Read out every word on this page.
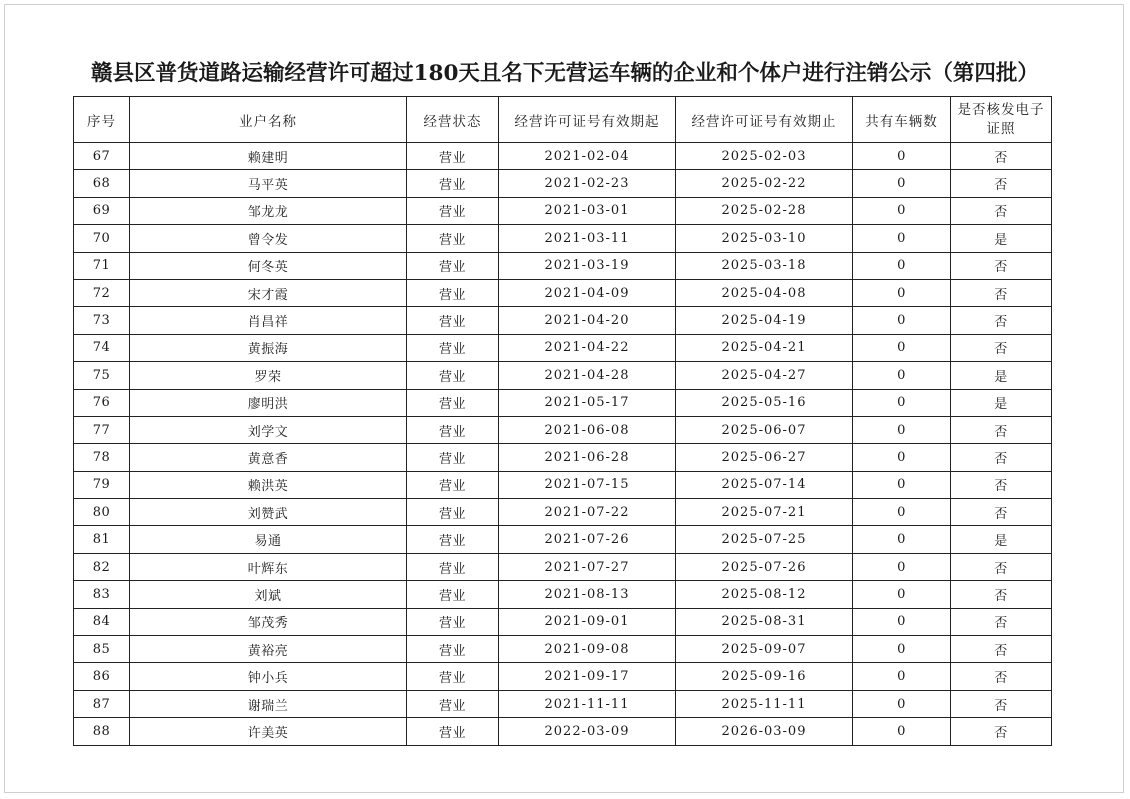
赣县区普货道路运输经营许可超过180天且名下无营运车辆的企业和个体户进行注销公示（第四批）
序号	业户名称	经营状态	经营许可证号有效期起	经营许可证号有效期止	共有车辆数	是否核发电子证照
67	赖建明	营业	2021-02-04	2025-02-03	0	否
68	马平英	营业	2021-02-23	2025-02-22	0	否
69	邹龙龙	营业	2021-03-01	2025-02-28	0	否
70	曾令发	营业	2021-03-11	2025-03-10	0	是
71	何冬英	营业	2021-03-19	2025-03-18	0	否
72	宋才霞	营业	2021-04-09	2025-04-08	0	否
73	肖昌祥	营业	2021-04-20	2025-04-19	0	否
74	黄振海	营业	2021-04-22	2025-04-21	0	否
75	罗荣	营业	2021-04-28	2025-04-27	0	是
76	廖明洪	营业	2021-05-17	2025-05-16	0	是
77	刘学文	营业	2021-06-08	2025-06-07	0	否
78	黄意香	营业	2021-06-28	2025-06-27	0	否
79	赖洪英	营业	2021-07-15	2025-07-14	0	否
80	刘赞武	营业	2021-07-22	2025-07-21	0	否
81	易通	营业	2021-07-26	2025-07-25	0	是
82	叶辉东	营业	2021-07-27	2025-07-26	0	否
83	刘斌	营业	2021-08-13	2025-08-12	0	否
84	邹茂秀	营业	2021-09-01	2025-08-31	0	否
85	黄裕亮	营业	2021-09-08	2025-09-07	0	否
86	钟小兵	营业	2021-09-17	2025-09-16	0	否
87	谢瑞兰	营业	2021-11-11	2025-11-11	0	否
88	许美英	营业	2022-03-09	2026-03-09	0	否
